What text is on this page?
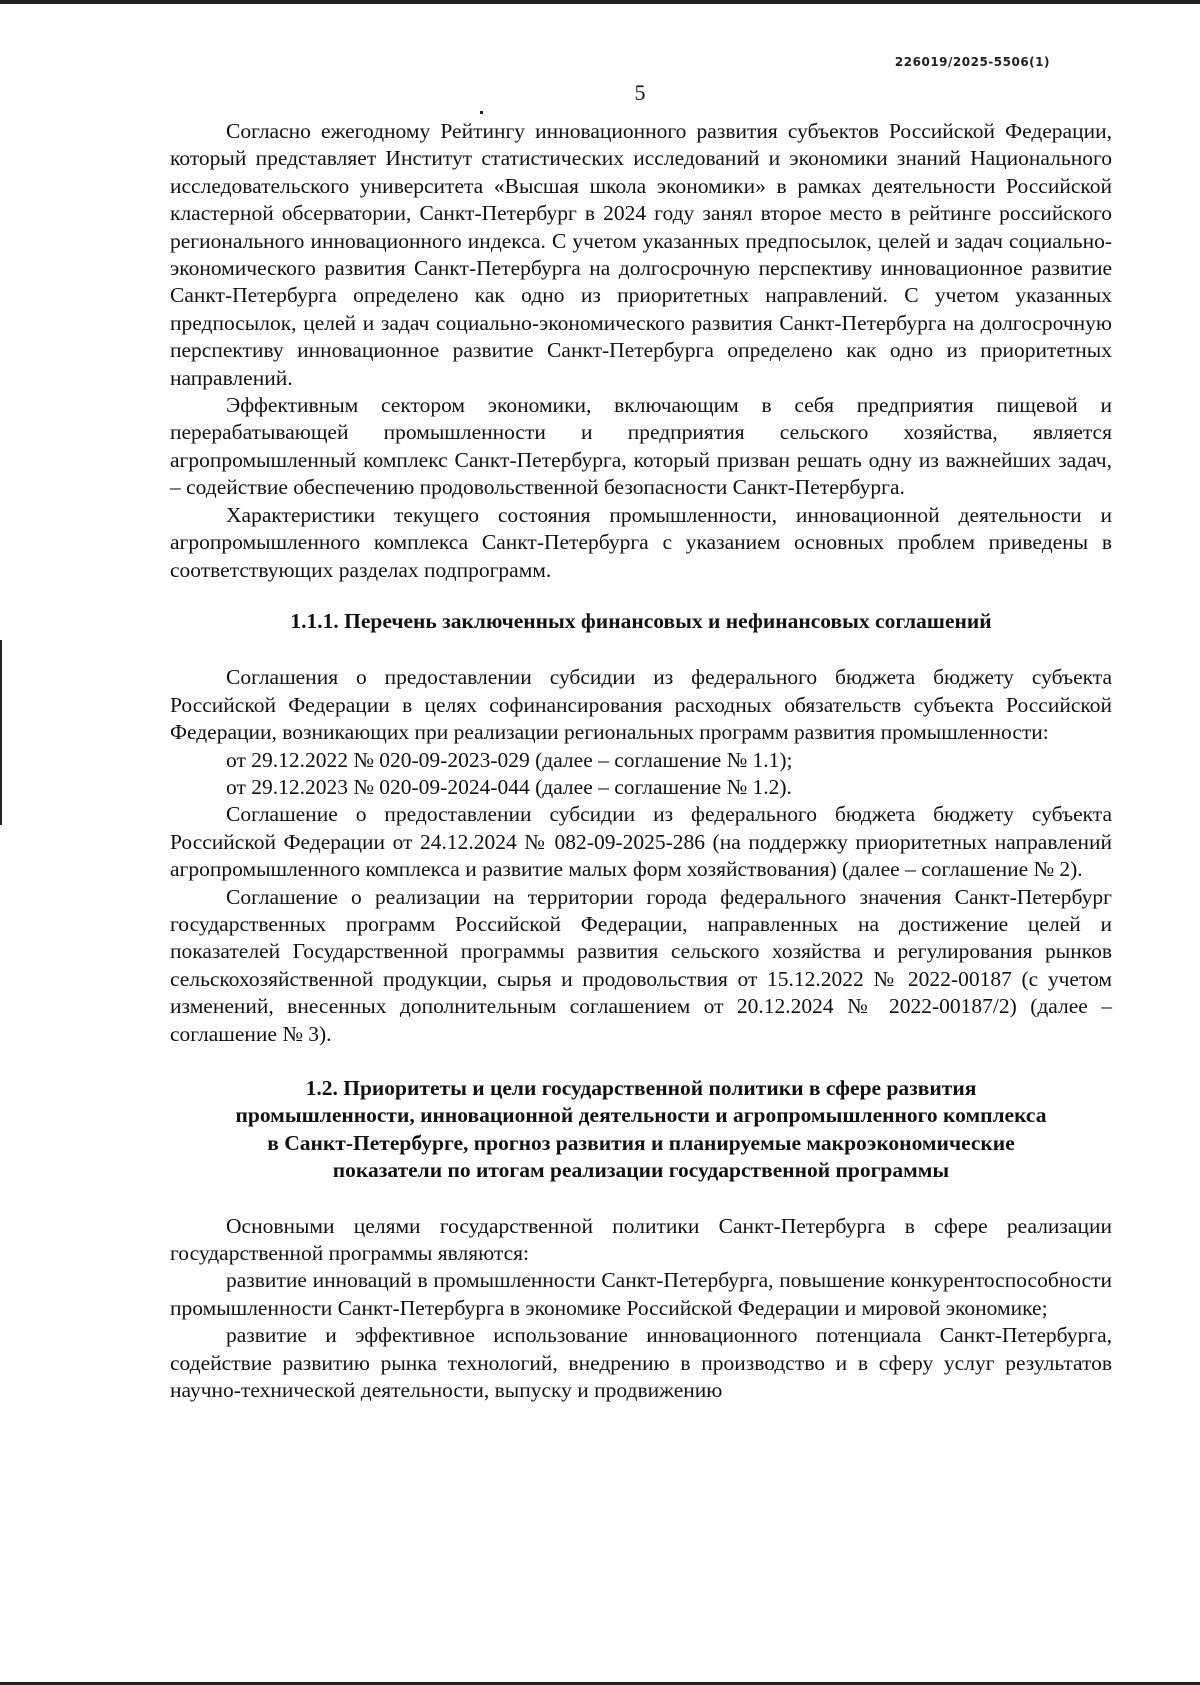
226019/2025-5506(1)
5

Согласно ежегодному Рейтингу инновационного развития субъектов Российской Федерации, который представляет Институт статистических исследований и экономики знаний Национального исследовательского университета «Высшая школа экономики» в рамках деятельности Российской кластерной обсерватории, Санкт-Петербург в 2024 году занял второе место в рейтинге российского регионального инновационного индекса. С учетом указанных предпосылок, целей и задач социально-экономического развития Санкт-Петербурга на долгосрочную перспективу инновационное развитие Санкт-Петербурга определено как одно из приоритетных направлений. С учетом указанных предпосылок, целей и задач социально-экономического развития Санкт-Петербурга на долгосрочную перспективу инновационное развитие Санкт-Петербурга определено как одно из приоритетных направлений.

Эффективным сектором экономики, включающим в себя предприятия пищевой и перерабатывающей промышленности и предприятия сельского хозяйства, является агропромышленный комплекс Санкт-Петербурга, который призван решать одну из важнейших задач, – содействие обеспечению продовольственной безопасности Санкт-Петербурга.

Характеристики текущего состояния промышленности, инновационной деятельности и агропромышленного комплекса Санкт-Петербурга с указанием основных проблем приведены в соответствующих разделах подпрограмм.

1.1.1. Перечень заключенных финансовых и нефинансовых соглашений

Соглашения о предоставлении субсидии из федерального бюджета бюджету субъекта Российской Федерации в целях софинансирования расходных обязательств субъекта Российской Федерации, возникающих при реализации региональных программ развития промышленности:

от 29.12.2022 № 020-09-2023-029 (далее – соглашение № 1.1);

от 29.12.2023 № 020-09-2024-044 (далее – соглашение № 1.2).

Соглашение о предоставлении субсидии из федерального бюджета бюджету субъекта Российской Федерации от 24.12.2024 № 082-09-2025-286 (на поддержку приоритетных направлений агропромышленного комплекса и развитие малых форм хозяйствования) (далее – соглашение № 2).

Соглашение о реализации на территории города федерального значения Санкт-Петербург государственных программ Российской Федерации, направленных на достижение целей и показателей Государственной программы развития сельского хозяйства и регулирования рынков сельскохозяйственной продукции, сырья и продовольствия от 15.12.2022 № 2022-00187 (с учетом изменений, внесенных дополнительным соглашением от 20.12.2024 № 2022-00187/2) (далее – соглашение № 3).

1.2. Приоритеты и цели государственной политики в сфере развития
промышленности, инновационной деятельности и агропромышленного комплекса
в Санкт-Петербурге, прогноз развития и планируемые макроэкономические
показатели по итогам реализации государственной программы

Основными целями государственной политики Санкт-Петербурга в сфере реализации государственной программы являются:

развитие инноваций в промышленности Санкт-Петербурга, повышение конкурентоспособности промышленности Санкт-Петербурга в экономике Российской Федерации и мировой экономике;

развитие и эффективное использование инновационного потенциала Санкт-Петербурга, содействие развитию рынка технологий, внедрению в производство и в сферу услуг результатов научно-технической деятельности, выпуску и продвижению
